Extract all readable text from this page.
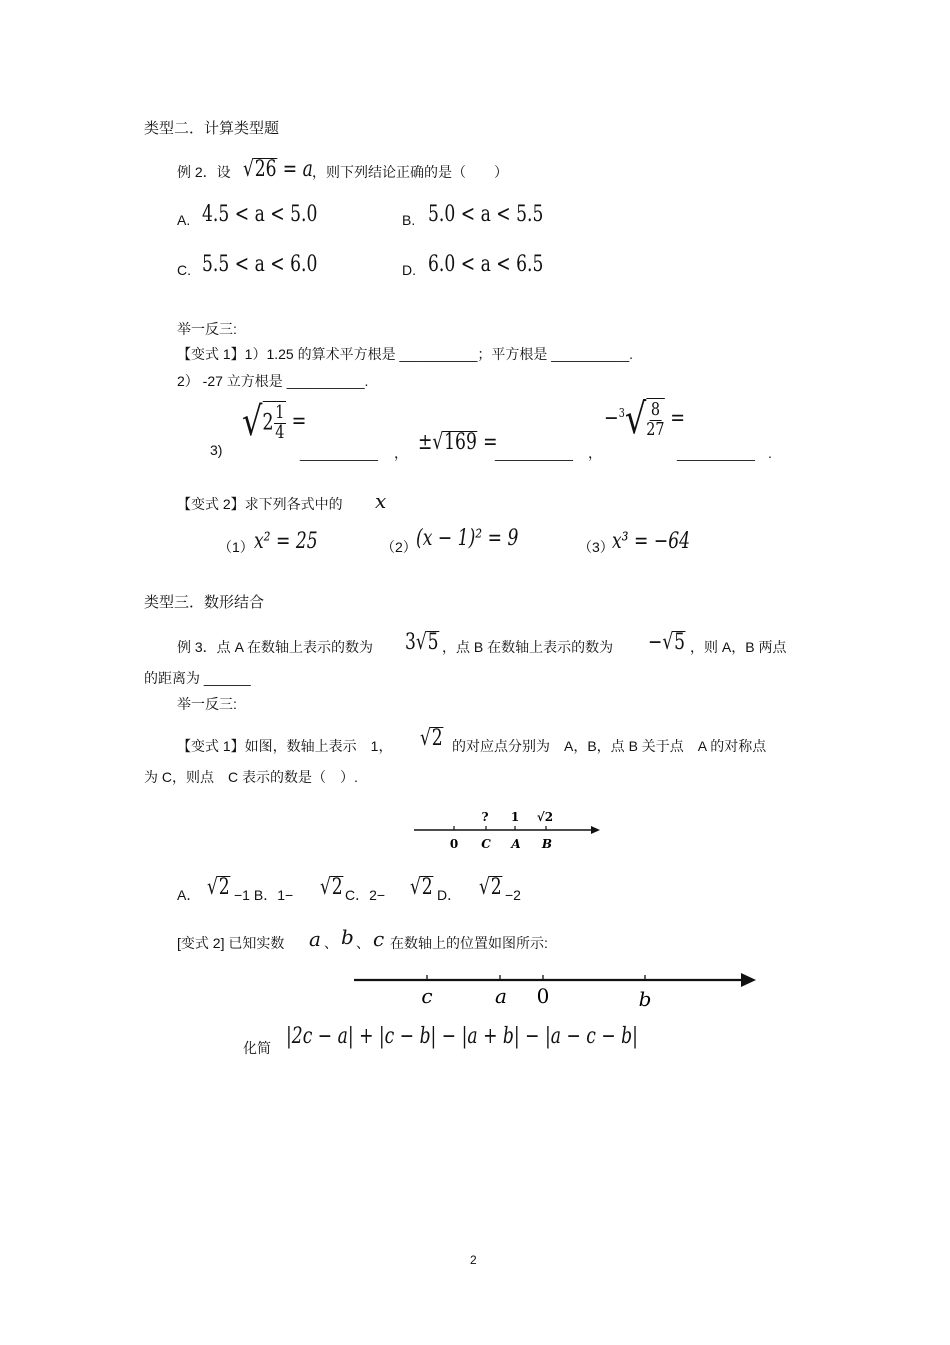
类型二．计算类型题
例 2．设 √26 = a ，则下列结论正确的是（　　）
A. 4.5 < a < 5.0	B. 5.0 < a < 5.5
C. 5.5 < a < 6.0	D. 6.0 < a < 6.5
举一反三:
【变式 1】1）1.25 的算术平方根是 __________；平方根是 __________.
2） -27 立方根是 __________.
3)
$√2 \frac{1}{4}$ =
__________ ， ±√169 =
__________ ，
$-^3√ \frac{8}{27}$ =
__________ .
【变式 2】求下列各式中的 x
（1） x² = 25	（2） (x − 1)² = 9	（3）
x³ = −64
类型三．数形结合
例 3．点 A 在数轴上表示的数为 3√5 ，点 B 在数轴上表示的数为 −√5 ，则 A，B 两点
的距离为 ______
举一反三:
【变式 1】如图，数轴上表示　1， √2 的对应点分别为　A，B，点 B 关于点　A 的对称点
为 C，则点　C 表示的数是（　）.
? 1 √2
0 C A B
A． √2 −1 B．1− √2 C．2− √2 D． √2 −2
[变式 2] 已知实数 a 、 b 、 c 在数轴上的位置如图所示:
c	a 0	b
化简 |2c − a| + |c − b| − |a + b| − |a − c − b|
2
